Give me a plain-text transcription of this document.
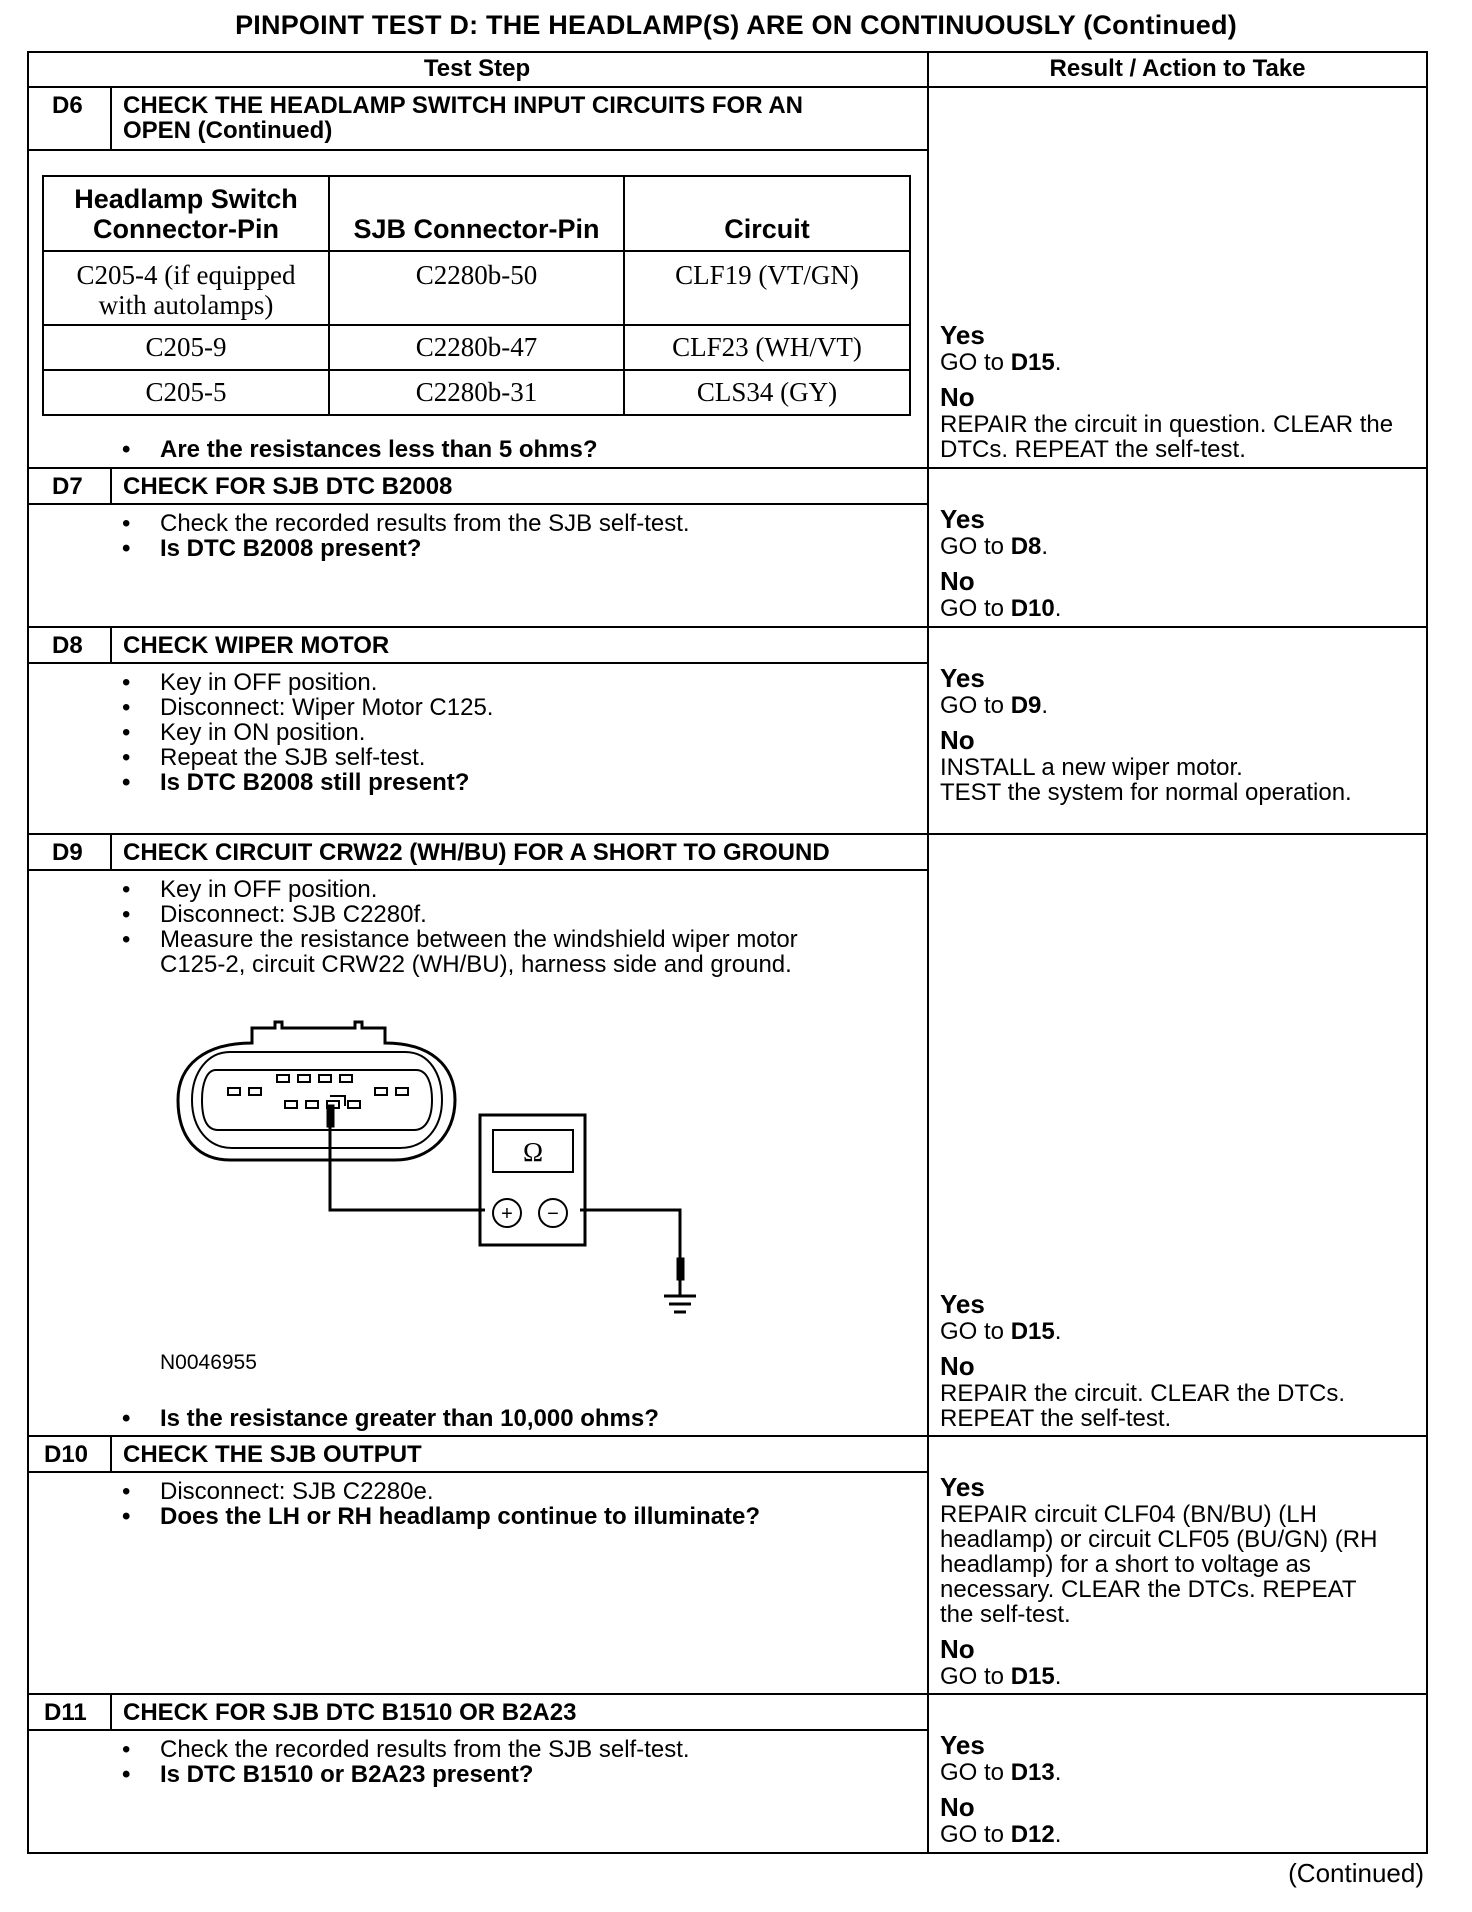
PINPOINT TEST D: THE HEADLAMP(S) ARE ON CONTINUOUSLY (Continued)
Test Step	Result / Action to Take
D6 CHECK THE HEADLAMP SWITCH INPUT CIRCUITS FOR AN
OPEN (Continued)
Headlamp Switch
Connector-Pin	SJB Connector-Pin	Circuit
C205-4 (if equipped
with autolamps)	C2280b-50	CLF19 (VT/GN)
C205-9	C2280b-47	CLF23 (WH/VT)
C205-5	C2280b-31	CLS34 (GY)
• Are the resistances less than 5 ohms?
Yes
GO to D15.
No
REPAIR the circuit in question. CLEAR the
DTCs. REPEAT the self-test.
D7 CHECK FOR SJB DTC B2008
• Check the recorded results from the SJB self-test.
• Is DTC B2008 present?
Yes
GO to D8.
No
GO to D10.
D8 CHECK WIPER MOTOR
• Key in OFF position.
• Disconnect: Wiper Motor C125.
• Key in ON position.
• Repeat the SJB self-test.
• Is DTC B2008 still present?
Yes
GO to D9.
No
INSTALL a new wiper motor.
TEST the system for normal operation.
D9 CHECK CIRCUIT CRW22 (WH/BU) FOR A SHORT TO GROUND
• Key in OFF position.
• Disconnect: SJB C2280f.
• Measure the resistance between the windshield wiper motor
C125-2, circuit CRW22 (WH/BU), harness side and ground.
Ω
+ −
N0046955
• Is the resistance greater than 10,000 ohms?
Yes
GO to D15.
No
REPAIR the circuit. CLEAR the DTCs.
REPEAT the self-test.
D10 CHECK THE SJB OUTPUT
• Disconnect: SJB C2280e.
• Does the LH or RH headlamp continue to illuminate?
Yes
REPAIR circuit CLF04 (BN/BU) (LH
headlamp) or circuit CLF05 (BU/GN) (RH
headlamp) for a short to voltage as
necessary. CLEAR the DTCs. REPEAT
the self-test.
No
GO to D15.
D11 CHECK FOR SJB DTC B1510 OR B2A23
• Check the recorded results from the SJB self-test.
• Is DTC B1510 or B2A23 present?
Yes
GO to D13.
No
GO to D12.
(Continued)
